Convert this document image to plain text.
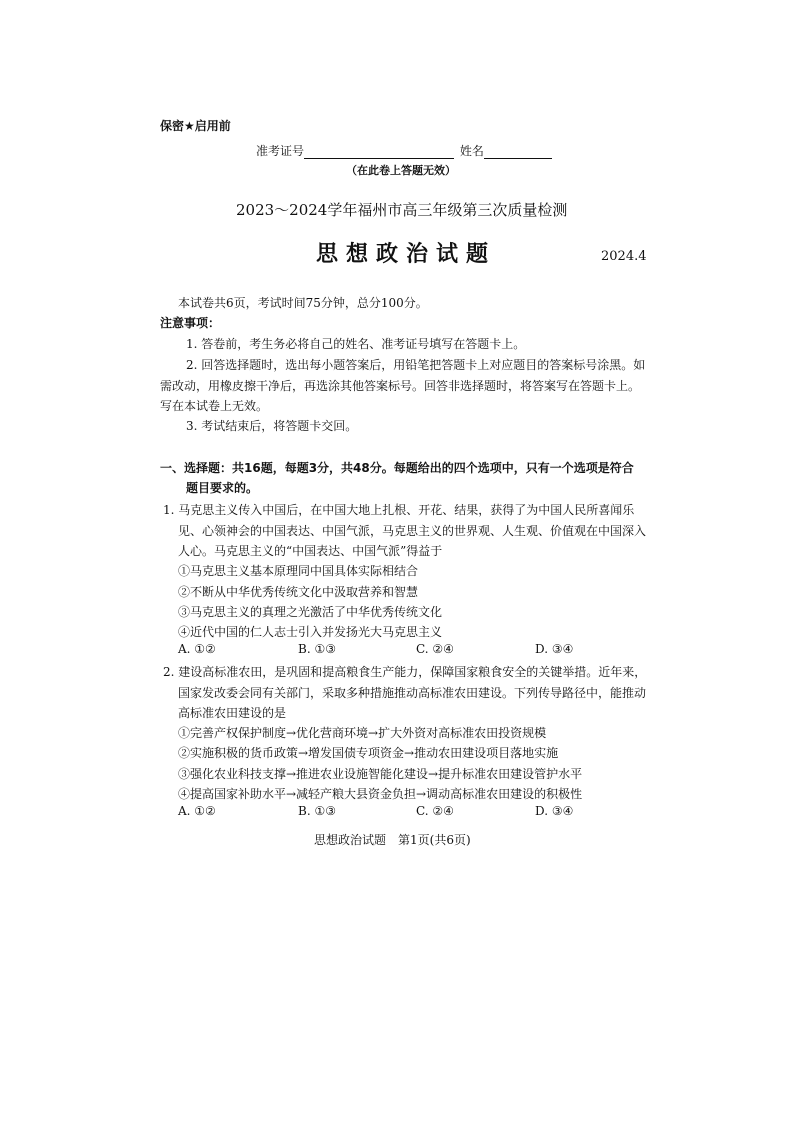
保密★启用前
准考证号	姓名
（在此卷上答题无效）
2023～2024学年福州市高三年级第三次质量检测
思想政治试题	2024.4
本试卷共6页，考试时间75分钟，总分100分。
注意事项：
1. 答卷前，考生务必将自己的姓名、准考证号填写在答题卡上。
2. 回答选择题时，选出每小题答案后，用铅笔把答题卡上对应题目的答案标号涂黑。如
需改动，用橡皮擦干净后，再选涂其他答案标号。回答非选择题时，将答案写在答题卡上。
写在本试卷上无效。
3. 考试结束后，将答题卡交回。
一、选择题：共16题，每题3分，共48分。每题给出的四个选项中，只有一个选项是符合
题目要求的。
1. 马克思主义传入中国后，在中国大地上扎根、开花、结果，获得了为中国人民所喜闻乐
见、心领神会的中国表达、中国气派，马克思主义的世界观、人生观、价值观在中国深入
人心。马克思主义的“中国表达、中国气派”得益于
①马克思主义基本原理同中国具体实际相结合
②不断从中华优秀传统文化中汲取营养和智慧
③马克思主义的真理之光激活了中华优秀传统文化
④近代中国的仁人志士引入并发扬光大马克思主义
A. ①②	B. ①③	C. ②④	D. ③④
2. 建设高标准农田，是巩固和提高粮食生产能力，保障国家粮食安全的关键举措。近年来，
国家发改委会同有关部门，采取多种措施推动高标准农田建设。下列传导路径中，能推动
高标准农田建设的是
①完善产权保护制度→优化营商环境→扩大外资对高标准农田投资规模
②实施积极的货币政策→增发国债专项资金→推动农田建设项目落地实施
③强化农业科技支撑→推进农业设施智能化建设→提升标准农田建设管护水平
④提高国家补助水平→减轻产粮大县资金负担→调动高标准农田建设的积极性
A. ①②	B. ①③	C. ②④	D. ③④
思想政治试题　第1页(共6页)
